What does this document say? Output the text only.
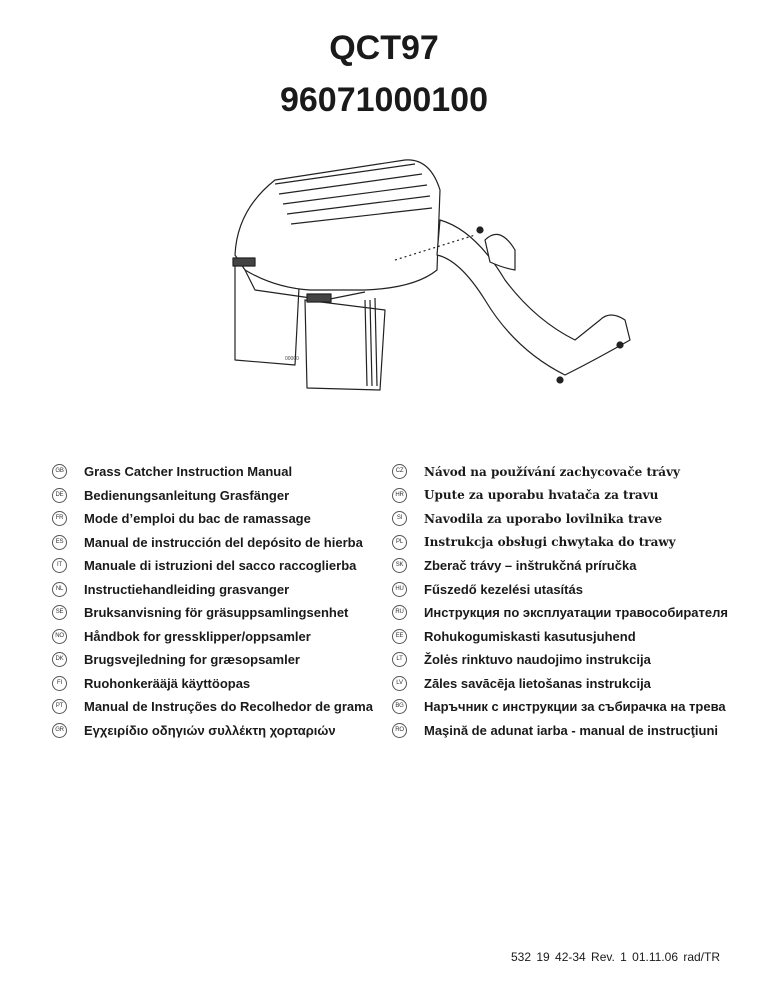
QCT97
96071000100
00000
GB Grass Catcher Instruction Manual
DE Bedienungsanleitung Grasfänger
FR Mode d’emploi du bac de ramassage
ES Manual de instrucción del depósito de hierba
IT	Manuale di istruzioni del sacco raccoglierba
NL Instructiehandleiding grasvanger
SE Bruksanvisning för gräsuppsamlingsenhet
NO Håndbok for gressklipper/oppsamler
DK Brugsvejledning for græsopsamler
FI	Ruohonkerääjä käyttöopas
PT Manual de Instruções do Recolhedor de grama
GR Εγχειρίδιο οδηγιών συλλέκτη χορταριών
CZ	Návod na používání zachycovače trávy
HR Upute za uporabu hvatača za travu
SI	Navodila za uporabo lovilnika trave
PL	Instrukcja obsługi chwytaka do trawy
SK Zberač trávy – inštrukčná príručka
HU Fűszedő kezelési utasítás
RU Инструкция по эксплуатации травособирателя
EE Rohukogumiskasti kasutusjuhend
LT	Žolės rinktuvo naudojimo instrukcija
LV	Zāles savācēja lietošanas instrukcija
BG Наръчник с инструкции за събирачка на трева
RO Maşină de adunat iarba - manual de instrucţiuni
532 19 42-34 Rev. 1 01.11.06 rad/TR
